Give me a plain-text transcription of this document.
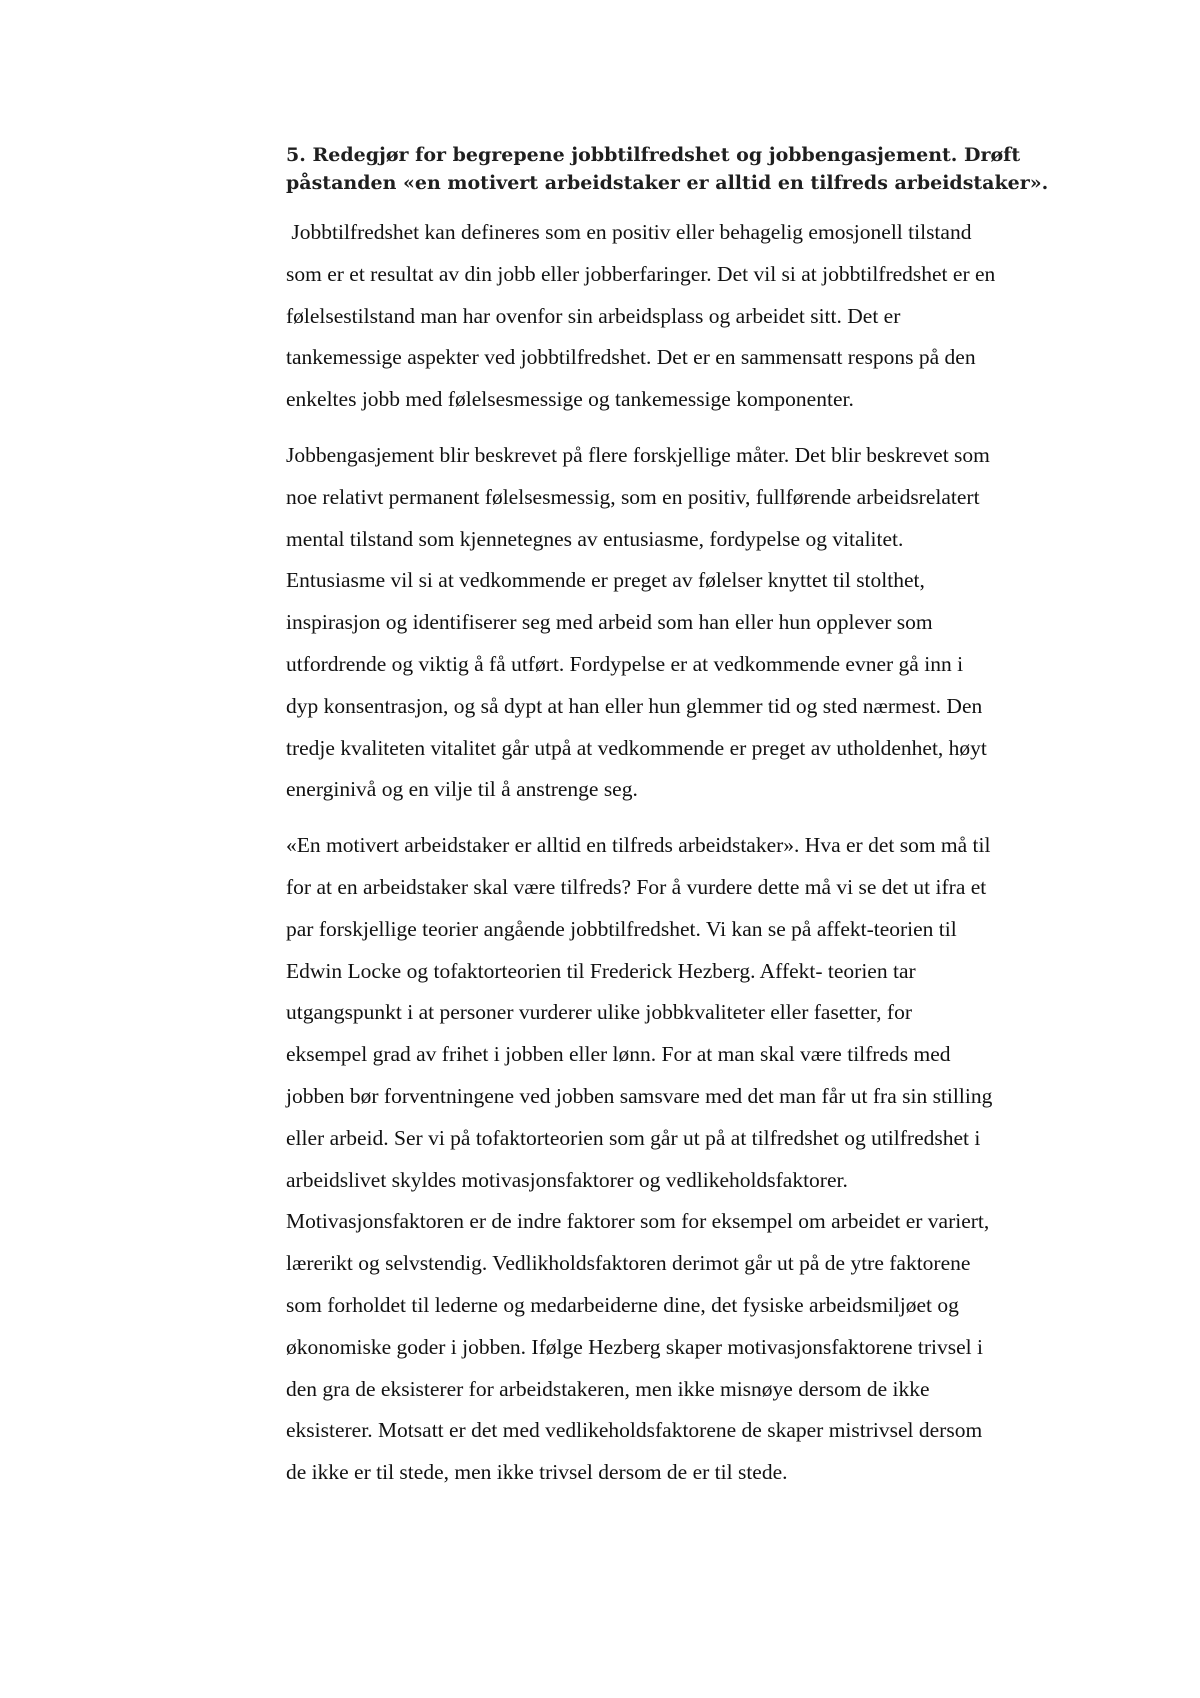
5. Redegjør for begrepene jobbtilfredshet og jobbengasjement. Drøft
påstanden «en motivert arbeidstaker er alltid en tilfreds arbeidstaker».
Jobbtilfredshet kan defineres som en positiv eller behagelig emosjonell tilstand
som er et resultat av din jobb eller jobberfaringer. Det vil si at jobbtilfredshet er en
følelsestilstand man har ovenfor sin arbeidsplass og arbeidet sitt. Det er
tankemessige aspekter ved jobbtilfredshet. Det er en sammensatt respons på den
enkeltes jobb med følelsesmessige og tankemessige komponenter.
Jobbengasjement blir beskrevet på flere forskjellige måter. Det blir beskrevet som
noe relativt permanent følelsesmessig, som en positiv, fullførende arbeidsrelatert
mental tilstand som kjennetegnes av entusiasme, fordypelse og vitalitet.
Entusiasme vil si at vedkommende er preget av følelser knyttet til stolthet,
inspirasjon og identifiserer seg med arbeid som han eller hun opplever som
utfordrende og viktig å få utført. Fordypelse er at vedkommende evner gå inn i
dyp konsentrasjon, og så dypt at han eller hun glemmer tid og sted nærmest. Den
tredje kvaliteten vitalitet går utpå at vedkommende er preget av utholdenhet, høyt
energinivå og en vilje til å anstrenge seg.
«En motivert arbeidstaker er alltid en tilfreds arbeidstaker». Hva er det som må til
for at en arbeidstaker skal være tilfreds? For å vurdere dette må vi se det ut ifra et
par forskjellige teorier angående jobbtilfredshet. Vi kan se på affekt-teorien til
Edwin Locke og tofaktorteorien til Frederick Hezberg. Affekt- teorien tar
utgangspunkt i at personer vurderer ulike jobbkvaliteter eller fasetter, for
eksempel grad av frihet i jobben eller lønn. For at man skal være tilfreds med
jobben bør forventningene ved jobben samsvare med det man får ut fra sin stilling
eller arbeid. Ser vi på tofaktorteorien som går ut på at tilfredshet og utilfredshet i
arbeidslivet skyldes motivasjonsfaktorer og vedlikeholdsfaktorer.
Motivasjonsfaktoren er de indre faktorer som for eksempel om arbeidet er variert,
lærerikt og selvstendig. Vedlikholdsfaktoren derimot går ut på de ytre faktorene
som forholdet til lederne og medarbeiderne dine, det fysiske arbeidsmiljøet og
økonomiske goder i jobben. Ifølge Hezberg skaper motivasjonsfaktorene trivsel i
den gra de eksisterer for arbeidstakeren, men ikke misnøye dersom de ikke
eksisterer. Motsatt er det med vedlikeholdsfaktorene de skaper mistrivsel dersom
de ikke er til stede, men ikke trivsel dersom de er til stede.
